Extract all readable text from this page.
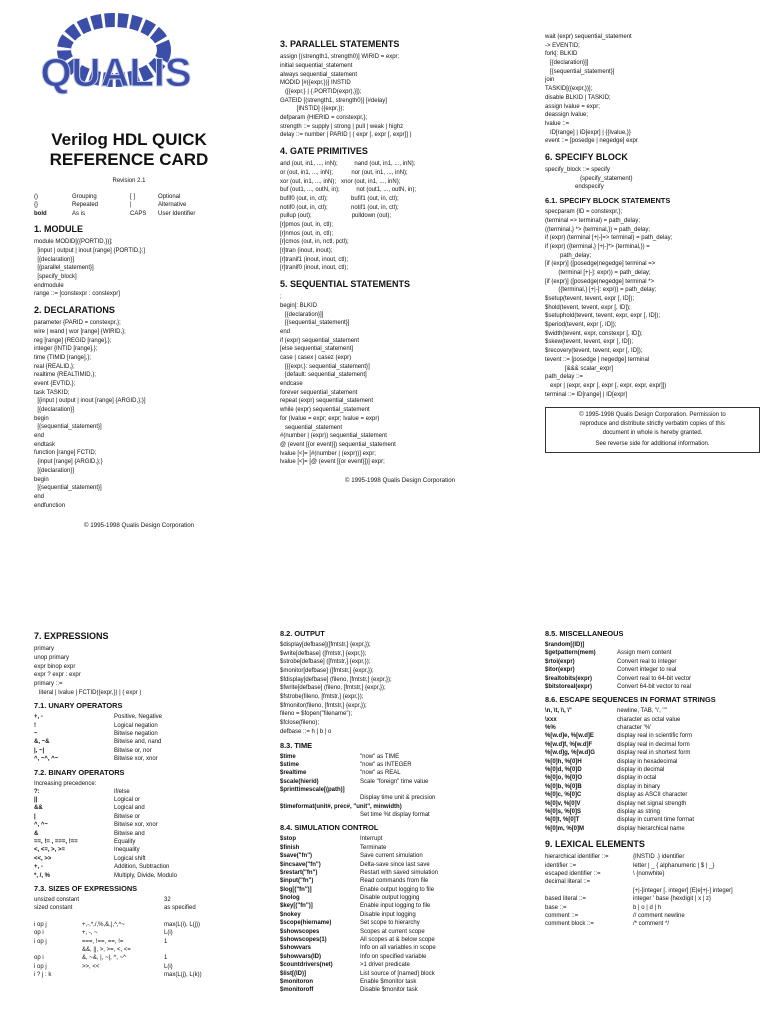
QUALIS
Verilog HDL QUICK
REFERENCE CARD
Revision 2.1
()	Grouping	[ ]	Optional
{}	Repeated	|	Alternative
bold	As is	CAPS	User Identifier
1. MODULE
module MODID[({PORTID,})];
[input | output | inout [range] {PORTID,};]
[{declaration}]
[{parallel_statement}]
[specify_block]
endmodule
range ::= [constexpr : constexpr]
2. DECLARATIONS
parameter {PARID = constexpr,};
wire | wand | wor [range] {WIRID,};
reg [range] {REGID [range],};
integer {INTID [range],};
time {TIMID [range],};
real {REALID,};
realtime {REALTIMID,};
event {EVTID,};
task TASKID;
[{input | output | inout [range] {ARGID,};}]
[{declaration}]
begin
[{sequential_statement}]
end
endtask
function [range] FCTID;
{input [range] {ARGID,};}
[{declaration}]
begin
[{sequential_statement}]
end
endfunction
© 1995-1998 Qualis Design Corporation
3. PARALLEL STATEMENTS
assign [(strength1, strength0)] WIRID = expr;
initial sequential_statement
always sequential_statement
MODID [#({expr,})] INSTID
([{expr,} | {.PORTID(expr),}]);
GATEID [(strength1, strength0)] [#delay]
[INSTID] ({expr,});
defparam {HIERID = constexpr,};
strength ::= supply | strong | pull | weak | highz
delay ::= number | PARID | ( expr [, expr [, expr]] )
4. GATE PRIMITIVES
and (out, in1, ..., inN);          nand (out, in1, ..., inN);
or (out, in1, ..., inN);           nor (out, in1, ..., inN);
xor (out, in1, ..., inN);   xnor (out, in1, ..., inN);
buf (out1, ..., outN, in);          not (out1, ..., outN, in);
bufif0 (out, in, ctl);              bufif1 (out, in, ctl);
notif0 (out, in, ctl);              notif1 (out, in, ctl);
pullup (out);                        pulldown (out);
[r]pmos (out, in, ctl);
[r]nmos (out, in, ctl);
[r]cmos (out, in, nctl, pctl);
[r]tran (inout, inout);
[r]tranif1 (inout, inout, ctl);
[r]tranif0 (inout, inout, ctl);
5. SEQUENTIAL STATEMENTS
;
begin[: BLKID
[{declaration}]]
[{sequential_statement}]
end
if (expr) sequential_statement
[else sequential_statement]
case | casex | casez (expr)
[{{expr,}: sequential_statement}]
[default: sequential_statement]
endcase
forever sequential_statement
repeat (expr) sequential_statement
while (expr) sequential_statement
for (lvalue = expr; expr; lvalue = expr)
sequential_statement
#(number | (expr)) sequential_statement
@ (event [{or event}]) sequential_statement
lvalue [<]= [#(number | (expr))] expr;
lvalue [<]= [@ (event [{or event}])] expr;
© 1995-1998 Qualis Design Corporation
wait (expr) sequential_statement
-> EVENTID;
fork[: BLKID
[{declaration}]]
[{sequential_statement}]
join
TASKID[({expr,})];
disable BLKID | TASKID;
assign lvalue = expr;
deassign lvalue;
lvalue ::=
ID[range] | ID[expr] | {{lvalue,}}
event ::= [posedge | negedge] expr
6. SPECIFY BLOCK
specify_block ::= specify
{specify_statement}
endspecify
6.1. SPECIFY BLOCK STATEMENTS
specparam {ID = constexpr,};
(terminal => terminal) = path_delay;
((terminal,} *> {terminal,}) = path_delay;
if (expr) (terminal [+|-]=> terminal) = path_delay;
if (expr) ({terminal,} [+|-]*> {terminal,}) =
path_delay;
[if (expr)] ([posedge|negedge] terminal =>
(terminal [+|-]: expr)) = path_delay;
[if (expr)] ([posedge|negedge] terminal *>
({terminal,} [+|-]: expr)) = path_delay;
$setup(tevent, tevent, expr [, ID]);
$hold(tevent, tevent, expr [, ID]);
$setuphold(tevent, tevent, expr, expr [, ID]);
$period(tevent, expr [, ID]);
$width(tevent, expr, constexpr [, ID]);
$skew(tevent, tevent, expr [, ID]);
$recovery(tevent, tevent, expr [, ID]);
tevent ::= [posedge | negedge] terminal
[&&& scalar_expr]
path_delay ::=
expr | (expr, expr [, expr [, expr, expr, expr]])
terminal ::= ID[range] | ID[expr]
© 1995-1998 Qualis Design Corporation. Permission to
reproduce and distribute strictly verbatim copies of this
document in whole is hereby granted.
See reverse side for additional information.
7. EXPRESSIONS
primary
unop primary
expr binop expr
expr ? expr : expr
primary ::=
literal | lvalue | FCTID({expr,}) | ( expr )
7.1. UNARY OPERATORS
+, -	Positive, Negative
!	Logical negation
~	Bitwise negation
&, ~&	Bitwise and, nand
|, ~|	Bitwise or, nor
^, ~^, ^~	Bitwise xor, xnor
7.2. BINARY OPERATORS
Increasing precedence:
?:	if/else
||	Logical or
&&	Logical and
|	Bitwise or
^, ^~	Bitwise xor, xnor
&	Bitwise and
==, != , ===, !==	Equality
<, <=, >, >=	Inequality
<<, >>	Logical shift
+, -	Addition, Subtraction
*, /, %	Multiply, Divide, Modulo
7.3. SIZES OF EXPRESSIONS
unsized constant	32
sized constant	as specified
i op j	+,-,*,/,%,&,|,^,^~	max(L(i), L(j))
op i	+, -, ~	L(i)
i op j	===, !==, ==, !=	1
&&, ||, >, >=, <, <=
op i	&, ~&, |, ~|, ^, ~^	1
i op j	>>, <<	L(i)
i ? j : k	max(L(j), L(k))
8.2. OUTPUT
$display[defbase]([fmtstr,] {expr,});
$write[defbase] ([fmtstr,] {expr,});
$strobe[defbase] ([fmtstr,] {expr,});
$monitor[defbase] ([fmtstr,] {expr,});
$fdisplay[defbase] (fileno, [fmtstr,] {expr,});
$fwrite[defbase] (fileno, [fmtstr,] {expr,});
$fstrobe(fileno, [fmtstr,] {expr,});
$fmonitor(fileno, [fmtstr,] {expr,});
fileno = $fopen("filename");
$fclose(fileno);
defbase ::= h | b | o
8.3. TIME
$time	"now" as TIME
$stime	"now" as INTEGER
$realtime	"now" as REAL
$scale(hierid)	Scale "foreign" time value
$printtimescale[(path)]
Display time unit & precision
$timeformat(unit#, prec#, "unit", minwidth)
Set time %t display format
8.4. SIMULATION CONTROL
$stop	Interrupt
$finish	Terminate
$save("fn")	Save current simulation
$incsave("fn")	Delta-save since last save
$restart("fn")	Restart with saved simulation
$input("fn")	Read commands from file
$log[("fn")]	Enable output logging to file
$nolog	Disable output logging
$key[("fn")]	Enable input logging to file
$nokey	Disable input logging
$scope(hiername)	Set scope to hierarchy
$showscopes	Scopes at current scope
$showscopes(1)	All scopes at & below scope
$showvars	Info on all variables in scope
$showvars(ID)	Info on specified variable
$countdrivers(net)	>1 driver predicate
$list[(ID)]	List source of [named] block
$monitoron	Enable $monitor task
$monitoroff	Disable $monitor task
8.5. MISCELLANEOUS
$random[(ID)]
$getpattern(mem)	Assign mem content
$rtoi(expr)	Convert real to integer
$itor(expr)	Convert integer to real
$realtobits(expr)	Convert real to 64-bit vector
$bitstoreal(expr)	Convert 64-bit vector to real
8.6. ESCAPE SEQUENCES IN FORMAT STRINGS
\n, \t, \\, \"	newline, TAB, '\', '"'
\xxx	character as octal value
%%	character '%'
%[w.d]e, %[w.d]E	display real in scientific form
%[w.d]f, %[w.d]F	display real in decimal form
%[w.d]g, %[w.d]G	display real in shortest form
%[0]h, %[0]H	display in hexadecimal
%[0]d, %[0]D	display in decimal
%[0]o, %[0]O	display in octal
%[0]b, %[0]B	display in binary
%[0]c, %[0]C	display as ASCII character
%[0]v, %[0]V	display net signal strength
%[0]s, %[0]S	display as string
%[0]t, %[0]T	display in current time format
%[0]m, %[0]M	display hierarchical name
9. LEXICAL ELEMENTS
hierarchical identifier ::=	{INSTID .} identifier
identifier ::=	letter | _ { alphanumeric | $ | _}
escaped identifier ::=	\ {nonwhite}
decimal literal ::=
[+|-]integer [. integer] [E|e[+|-] integer]
based literal ::=	integer ' base {hexdigit | x | z}
base ::=	b | o | d | h
comment ::=	// comment newline
comment block ::=	/* comment */
